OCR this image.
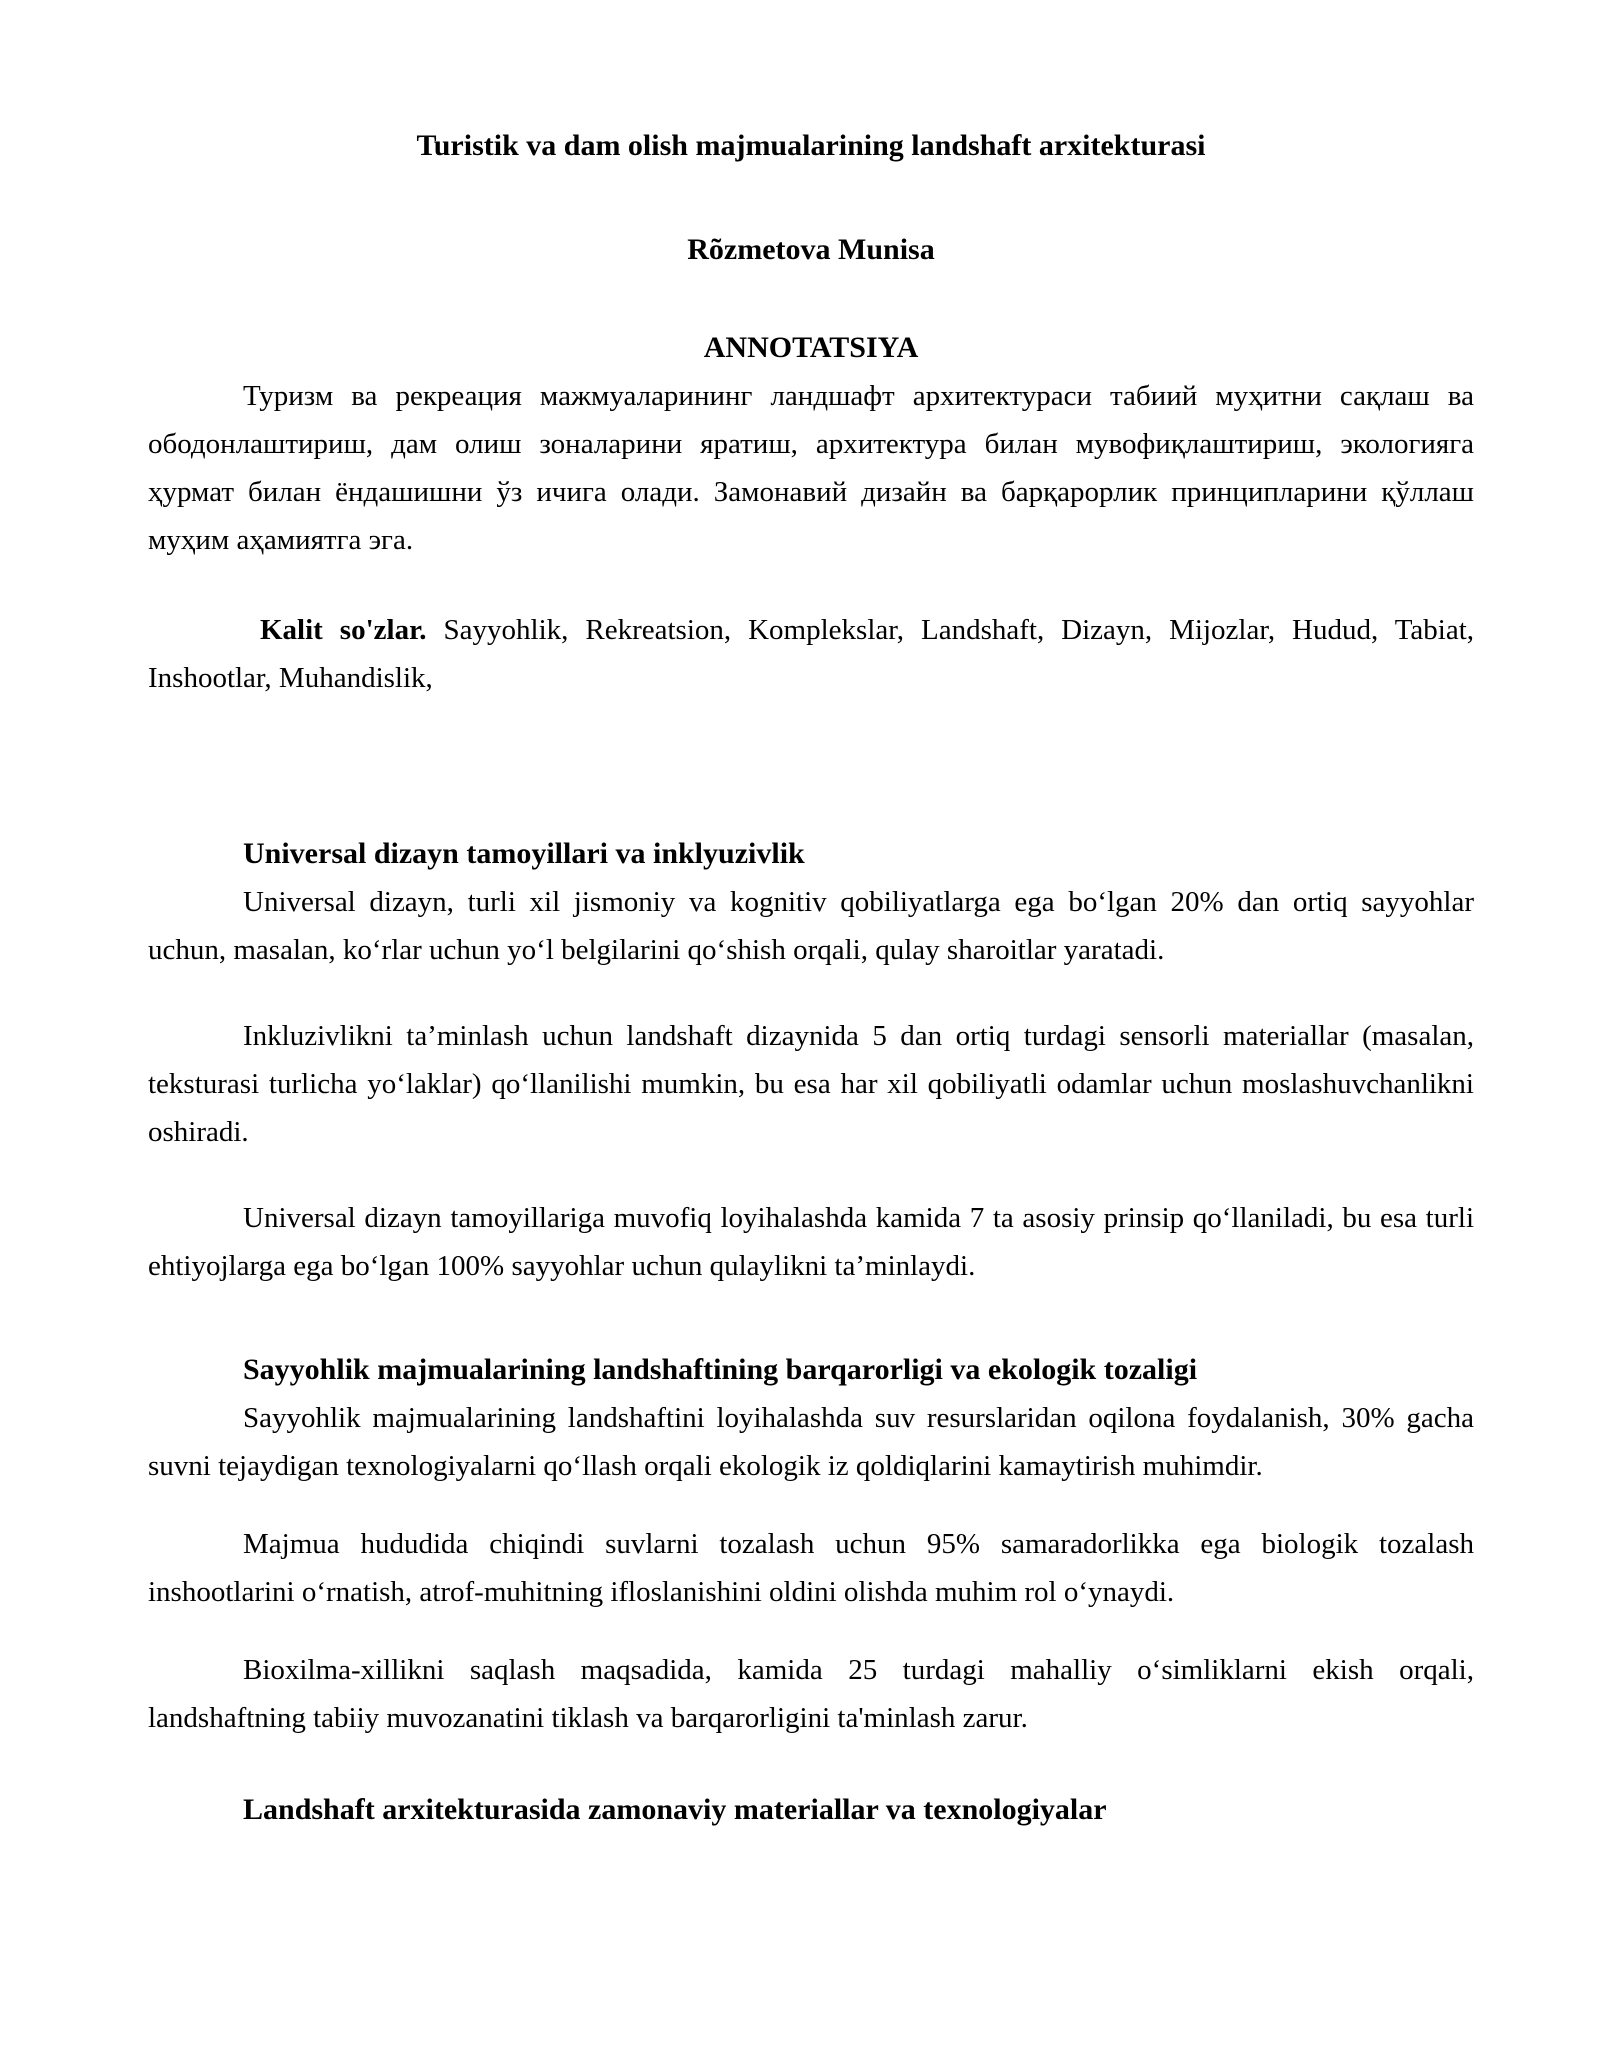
Turistik va dam olish majmualarining landshaft arxitekturasi

Rõzmetova Munisa

ANNOTATSIYA

Туризм ва рекреация мажмуаларининг ландшафт архитектураси табиий муҳитни сақлаш ва ободонлаштириш, дам олиш зоналарини яратиш, архитектура билан мувофиқлаштириш, экологияга ҳурмат билан ёндашишни ўз ичига олади. Замонавий дизайн ва барқарорлик принципларини қўллаш муҳим аҳамиятга эга.

Kalit so'zlar. Sayyohlik, Rekreatsion, Komplekslar, Landshaft, Dizayn, Mijozlar, Hudud, Tabiat, Inshootlar, Muhandislik,

Universal dizayn tamoyillari va inklyuzivlik

Universal dizayn, turli xil jismoniy va kognitiv qobiliyatlarga ega bo‘lgan 20% dan ortiq sayyohlar uchun, masalan, ko‘rlar uchun yo‘l belgilarini qo‘shish orqali, qulay sharoitlar yaratadi.

Inkluzivlikni ta’minlash uchun landshaft dizaynida 5 dan ortiq turdagi sensorli materiallar (masalan, teksturasi turlicha yo‘laklar) qo‘llanilishi mumkin, bu esa har xil qobiliyatli odamlar uchun moslashuvchanlikni oshiradi.

Universal dizayn tamoyillariga muvofiq loyihalashda kamida 7 ta asosiy prinsip qo‘llaniladi, bu esa turli ehtiyojlarga ega bo‘lgan 100% sayyohlar uchun qulaylikni ta’minlaydi.

Sayyohlik majmualarining landshaftining barqarorligi va ekologik tozaligi

Sayyohlik majmualarining landshaftini loyihalashda suv resurslaridan oqilona foydalanish, 30% gacha suvni tejaydigan texnologiyalarni qo‘llash orqali ekologik iz qoldiqlarini kamaytirish muhimdir.

Majmua hududida chiqindi suvlarni tozalash uchun 95% samaradorlikka ega biologik tozalash inshootlarini o‘rnatish, atrof-muhitning ifloslanishini oldini olishda muhim rol o‘ynaydi.

Bioxilma-xillikni saqlash maqsadida, kamida 25 turdagi mahalliy o‘simliklarni ekish orqali, landshaftning tabiiy muvozanatini tiklash va barqarorligini ta'minlash zarur.

Landshaft arxitekturasida zamonaviy materiallar va texnologiyalar
